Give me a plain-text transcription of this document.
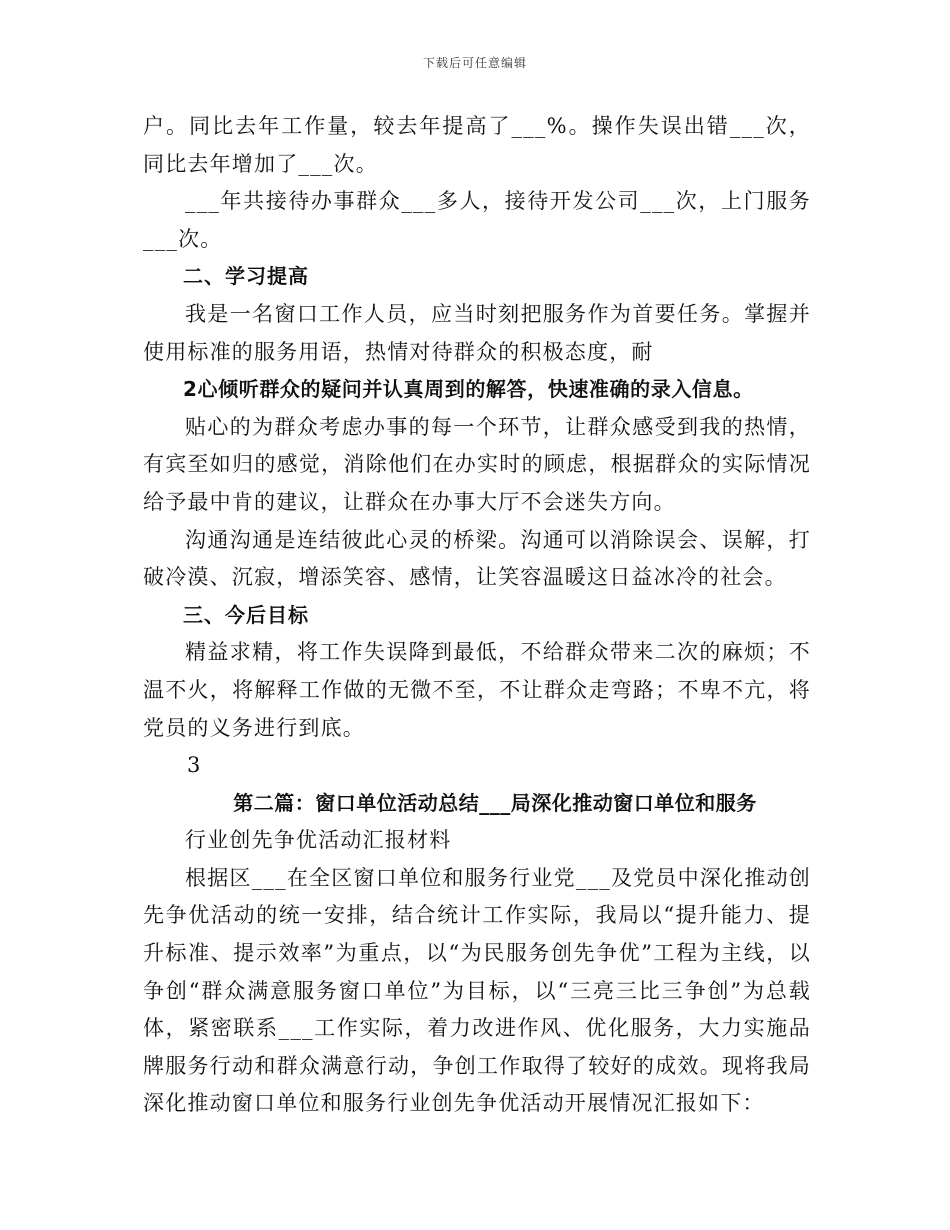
下载后可任意编辑

户。同比去年工作量，较去年提高了___%。操作失误出错___次，同比去年增加了___次。

___年共接待办事群众___多人，接待开发公司___次，上门服务___次。

二、学习提高

我是一名窗口工作人员，应当时刻把服务作为首要任务。掌握并使用标准的服务用语，热情对待群众的积极态度，耐

2心倾听群众的疑问并认真周到的解答，快速准确的录入信息。

贴心的为群众考虑办事的每一个环节，让群众感受到我的热情，有宾至如归的感觉，消除他们在办实时的顾虑，根据群众的实际情况给予最中肯的建议，让群众在办事大厅不会迷失方向。

沟通沟通是连结彼此心灵的桥梁。沟通可以消除误会、误解，打破冷漠、沉寂，增添笑容、感情，让笑容温暖这日益冰冷的社会。

三、今后目标

精益求精，将工作失误降到最低，不给群众带来二次的麻烦；不温不火，将解释工作做的无微不至，不让群众走弯路；不卑不亢，将党员的义务进行到底。

3

第二篇：窗口单位活动总结___局深化推动窗口单位和服务

行业创先争优活动汇报材料

根据区___在全区窗口单位和服务行业党___及党员中深化推动创先争优活动的统一安排，结合统计工作实际，我局以“提升能力、提升标准、提示效率”为重点，以“为民服务创先争优”工程为主线，以争创“群众满意服务窗口单位”为目标，以“三亮三比三争创”为总载体，紧密联系___工作实际，着力改进作风、优化服务，大力实施品牌服务行动和群众满意行动，争创工作取得了较好的成效。现将我局深化推动窗口单位和服务行业创先争优活动开展情况汇报如下：
